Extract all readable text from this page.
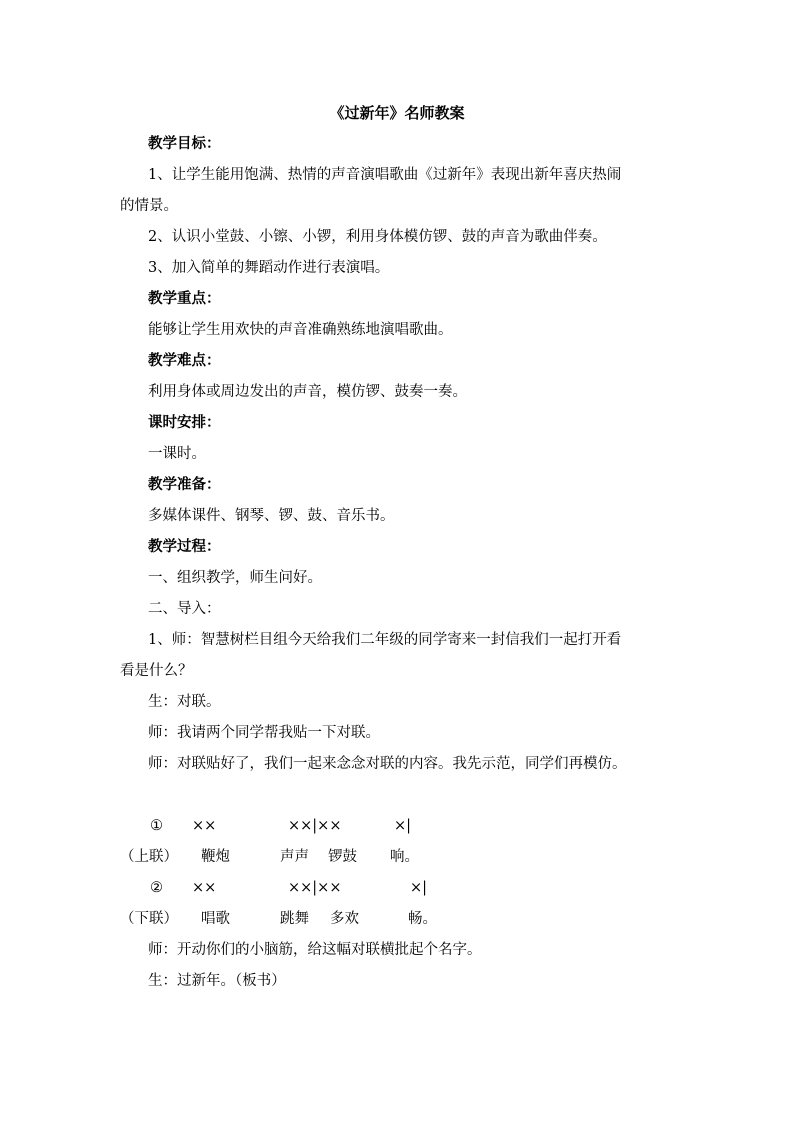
《过新年》名师教案
教学目标：
1、让学生能用饱满、热情的声音演唱歌曲《过新年》表现出新年喜庆热闹
的情景。
2、认识小堂鼓、小镲、小锣，利用身体模仿锣、鼓的声音为歌曲伴奏。
3、加入简单的舞蹈动作进行表演唱。
教学重点：
能够让学生用欢快的声音准确熟练地演唱歌曲。
教学难点：
利用身体或周边发出的声音，模仿锣、鼓奏一奏。
课时安排：
一课时。
教学准备：
多媒体课件、钢琴、锣、鼓、音乐书。
教学过程：
一、组织教学，师生问好。
二、导入：
1、师：智慧树栏目组今天给我们二年级的同学寄来一封信我们一起打开看
看是什么？
生：对联。
师：我请两个同学帮我贴一下对联。
师：对联贴好了，我们一起来念念对联的内容。我先示范，同学们再模仿。
① ××	××|××	×|
（上联） 鞭炮	声声 锣鼓 响。
② ××	××|××	×|
（下联） 唱歌	跳舞 多欢	畅。
师：开动你们的小脑筋，给这幅对联横批起个名字。
生：过新年。（板书）
